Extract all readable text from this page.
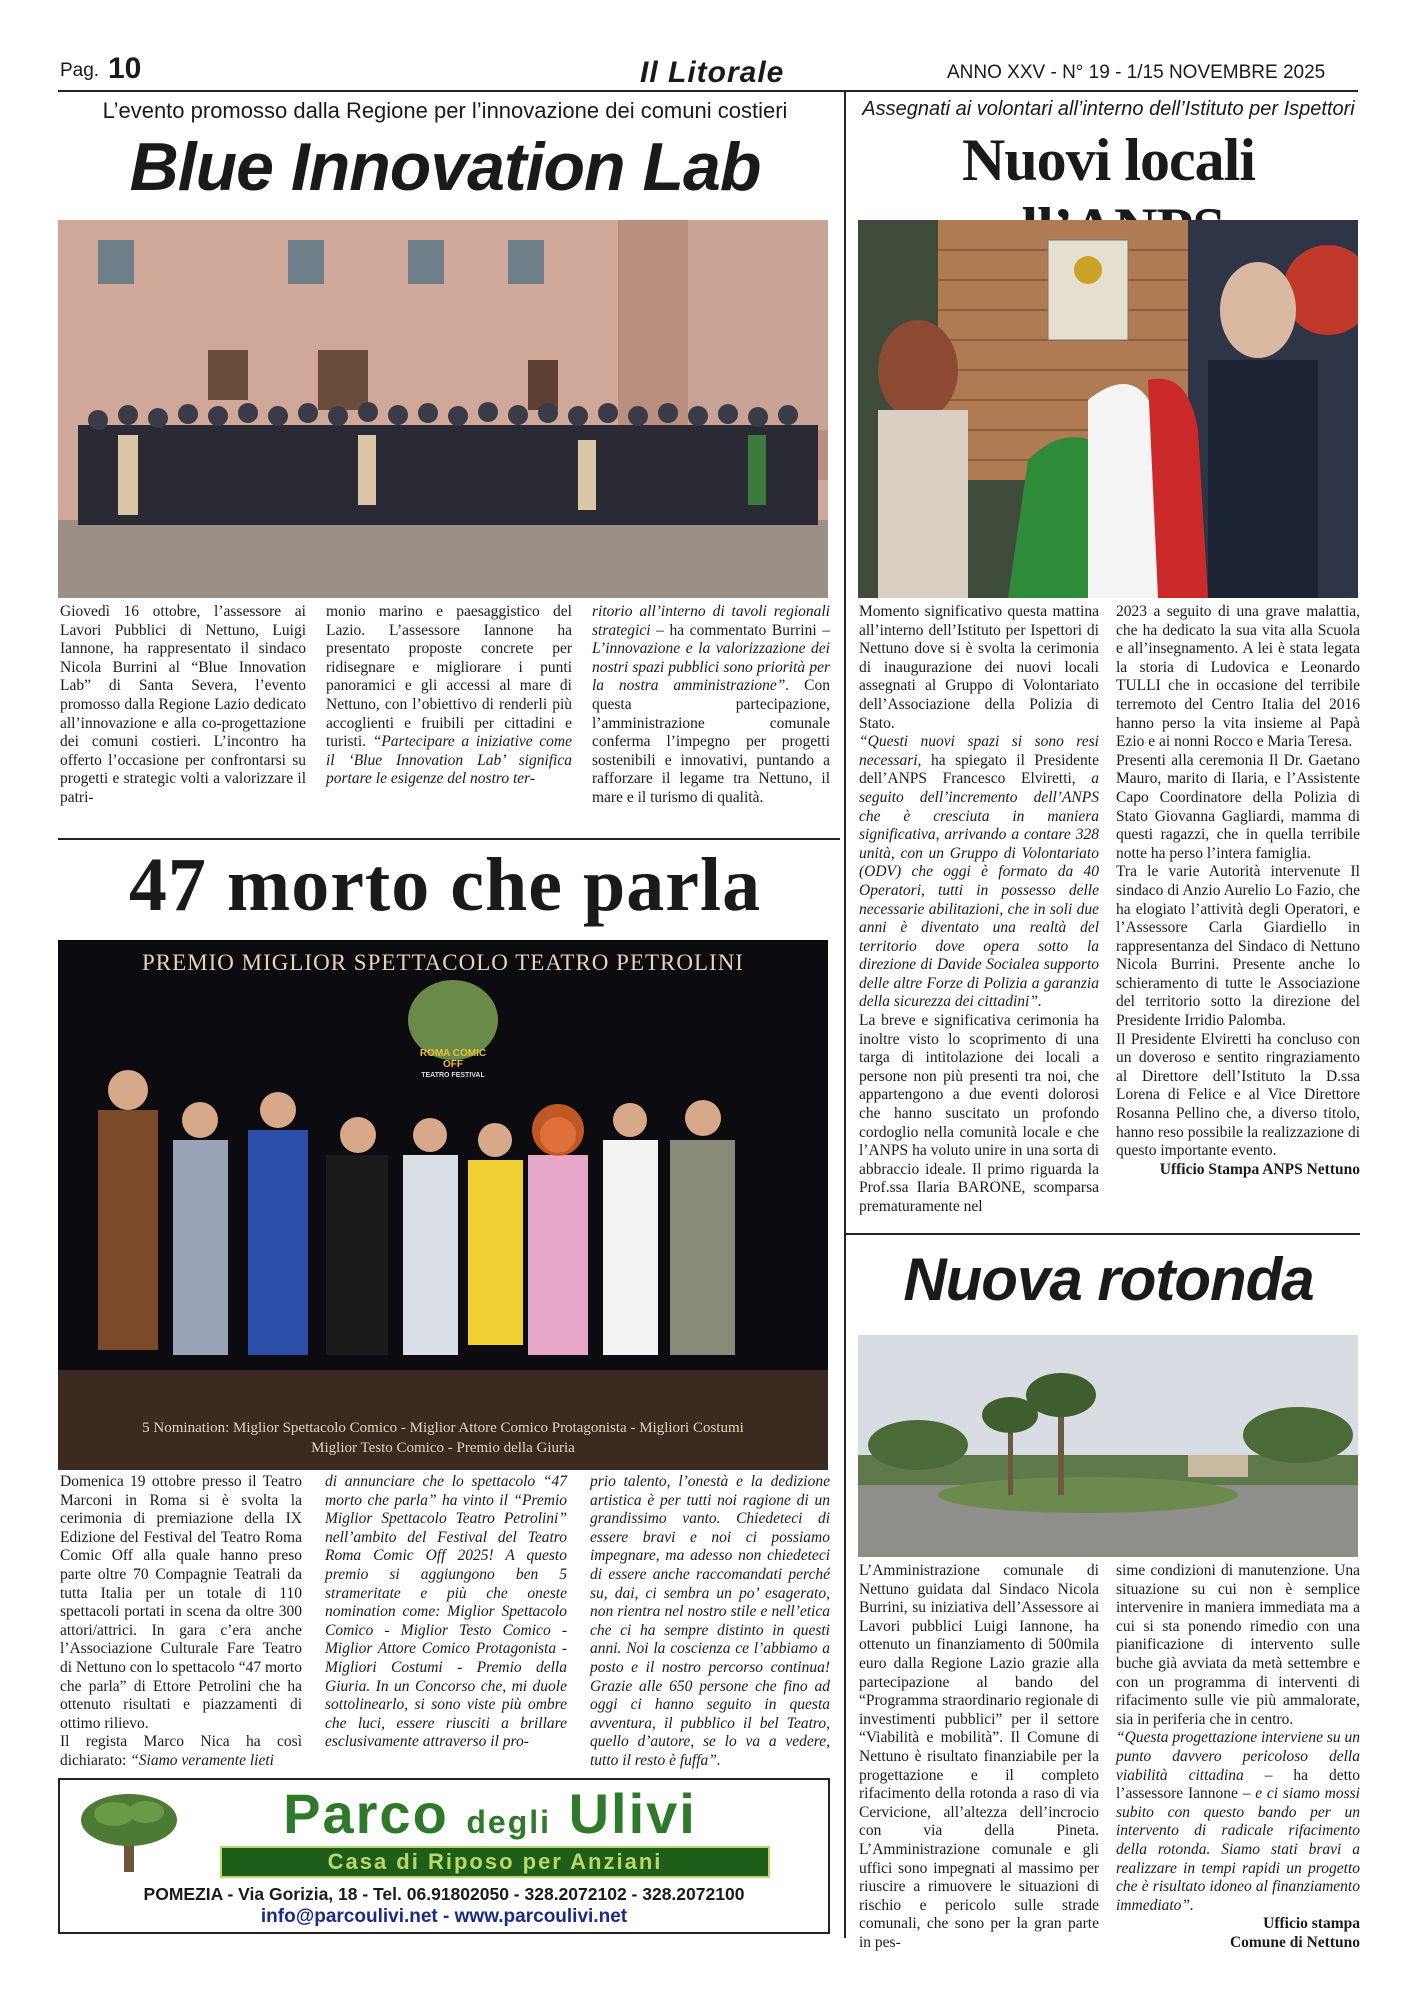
Pag. 10	Il Litorale	ANNO XXV - N° 19 - 1/15 NOVEMBRE 2025
L’evento promosso dalla Regione per l’innovazione dei comuni costieri
Blue Innovation Lab

Giovedì 16 ottobre, l’assessore ai Lavori Pubblici di Nettuno, Luigi Iannone, ha rappresentato il sindaco Nicola Burrini al “Blue Innovation Lab” di Santa Severa, l’evento promosso dalla Regione Lazio dedicato all’innovazione e alla co-progettazione dei comuni costieri. L’incontro ha offerto l’occasione per confrontarsi su progetti e strategic volti a valorizzare il patri-

monio marino e paesaggistico del Lazio. L’assessore Iannone ha presentato proposte concrete per ridisegnare e migliorare i punti panoramici e gli accessi al mare di Nettuno, con l’obiettivo di renderli più accoglienti e fruibili per cittadini e turisti. “Partecipare a iniziative come il ‘Blue Innovation Lab’ significa portare le esigenze del nostro ter-

ritorio all’interno di tavoli regionali strategici – ha commentato Burrini – L’innovazione e la valorizzazione dei nostri spazi pubblici sono priorità per la nostra amministrazione”. Con questa partecipazione, l’amministrazione comunale conferma l’impegno per progetti sostenibili e innovativi, puntando a rafforzare il legame tra Nettuno, il mare e il turismo di qualità.

Assegnati ai volontari all’interno dell’Istituto per Ispettori
Nuovi locali

Momento significativo questa mattina all’interno dell’Istituto per Ispettori di Nettuno dove si è svolta la cerimonia di inaugurazione dei nuovi locali assegnati al Gruppo di Volontariato dell’Associazione della Polizia di Stato.

“Questi nuovi spazi si sono resi necessari, ha spiegato il Presidente dell’ANPS Francesco Elviretti, a seguito dell’incremento dell’ANPS che è cresciuta in maniera significativa, arrivando a contare 328 unità, con un Gruppo di Volontariato (ODV) che oggi è formato da 40 Operatori, tutti in possesso delle necessarie abilitazioni, che in soli due anni è diventato una realtà del territorio dove opera sotto la direzione di Davide Socialea supporto delle altre Forze di Polizia a garanzia della sicurezza dei cittadini”.

La breve e significativa cerimonia ha inoltre visto lo scoprimento di una targa di intitolazione dei locali a persone non più presenti tra noi, che appartengono a due eventi dolorosi che hanno suscitato un profondo cordoglio nella comunità locale e che l’ANPS ha voluto unire in una sorta di abbraccio ideale. Il primo riguarda la Prof.ssa Ilaria BARONE, scomparsa prematuramente nel

2023 a seguito di una grave malattia, che ha dedicato la sua vita alla Scuola e all’insegnamento. A lei è stata legata la storia di Ludovica e Leonardo TULLI che in occasione del terribile terremoto del Centro Italia del 2016 hanno perso la vita insieme al Papà Ezio e ai nonni Rocco e Maria Teresa.

Presenti alla ceremonia Il Dr. Gaetano Mauro, marito di Ilaria, e l’Assistente Capo Coordinatore della Polizia di Stato Giovanna Gagliardi, mamma di questi ragazzi, che in quella terribile notte ha perso l’intera famiglia.

Tra le varie Autorità intervenute Il sindaco di Anzio Aurelio Lo Fazio, che ha elogiato l’attività degli Operatori, e l’Assessore Carla Giardiello in rappresentanza del Sindaco di Nettuno Nicola Burrini. Presente anche lo schieramento di tutte le Associazione del territorio sotto la direzione del Presidente Irridio Palomba.

Il Presidente Elviretti ha concluso con un doveroso e sentito ringraziamento al Direttore dell’Istituto la D.ssa Lorena di Felice e al Vice Direttore Rosanna Pellino che, a diverso titolo, hanno reso possibile la realizzazione di questo importante evento.

Ufficio Stampa ANPS Nettuno

47 morto che parla
PREMIO MIGLIOR SPETTACOLO TEATRO PETROLINI
ROMA COMIC OFF
TEATRO FESTIVAL
5 Nomination: Miglior Spettacolo Comico - Miglior Attore Comico Protagonista - Migliori Costumi
Miglior Testo Comico - Premio della Giuria

Domenica 19 ottobre presso il Teatro Marconi in Roma si è svolta la cerimonia di premiazione della IX Edizione del Festival del Teatro Roma Comic Off alla quale hanno preso parte oltre 70 Compagnie Teatrali da tutta Italia per un totale di 110 spettacoli portati in scena da oltre 300 attori/attrici. In gara c’era anche l’Associazione Culturale Fare Teatro di Nettuno con lo spettacolo “47 morto che parla” di Ettore Petrolini che ha ottenuto risultati e piazzamenti di ottimo rilievo.

Il regista Marco Nica ha così dichiarato: “Siamo veramente lieti

di annunciare che lo spettacolo “47 morto che parla” ha vinto il “Premio Miglior Spettacolo Teatro Petrolini” nell’ambito del Festival del Teatro Roma Comic Off 2025! A questo premio si aggiungono ben 5 strameritate e più che oneste nomination come: Miglior Spettacolo Comico - Miglior Testo Comico - Miglior Attore Comico Protagonista - Migliori Costumi - Premio della Giuria. In un Concorso che, mi duole sottolinearlo, si sono viste più ombre che luci, essere riusciti a brillare esclusivamente attraverso il pro-

prio talento, l’onestà e la dedizione artistica è per tutti noi ragione di un grandissimo vanto. Chiedeteci di essere bravi e noi ci possiamo impegnare, ma adesso non chiedeteci di essere anche raccomandati perché su, dai, ci sembra un po’ esagerato, non rientra nel nostro stile e nell’etica che ci ha sempre distinto in questi anni. Noi la coscienza ce l’abbiamo a posto e il nostro percorso continua! Grazie alle 650 persone che fino ad oggi ci hanno seguito in questa avventura, il pubblico il bel Teatro, quello d’autore, se lo va a vedere, tutto il resto è fuffa”.

Nuova rotonda

L’Amministrazione comunale di Nettuno guidata dal Sindaco Nicola Burrini, su iniziativa dell’Assessore ai Lavori pubblici Luigi Iannone, ha ottenuto un finanziamento di 500mila euro dalla Regione Lazio grazie alla partecipazione al bando del “Programma straordinario regionale di investimenti pubblici” per il settore “Viabilità e mobilità”. Il Comune di Nettuno è risultato finanziabile per la progettazione e il completo rifacimento della rotonda a raso di via Cervicione, all’altezza dell’incrocio con via della Pineta. L’Amministrazione comunale e gli uffici sono impegnati al massimo per riuscire a rimuovere le situazioni di rischio e pericolo sulle strade comunali, che sono per la gran parte in pes-

sime condizioni di manutenzione. Una situazione su cui non è semplice intervenire in maniera immediata ma a cui si sta ponendo rimedio con una pianificazione di intervento sulle buche già avviata da metà settembre e con un programma di interventi di rifacimento sulle vie più ammalorate, sia in periferia che in centro.

“Questa progettazione interviene su un punto davvero pericoloso della viabilità cittadina – ha detto l’assessore Iannone – e ci siamo mossi subito con questo bando per un intervento di radicale rifacimento della rotonda. Siamo stati bravi a realizzare in tempi rapidi un progetto che è risultato idoneo al finanziamento immediato”.

Ufficio stampa

Comune di Nettuno

Parco degli Ulivi
Casa di Riposo per Anziani
POMEZIA - Via Gorizia, 18 - Tel. 06.91802050 - 328.2072102 - 328.2072100
info@parcoulivi.net - www.parcoulivi.net
